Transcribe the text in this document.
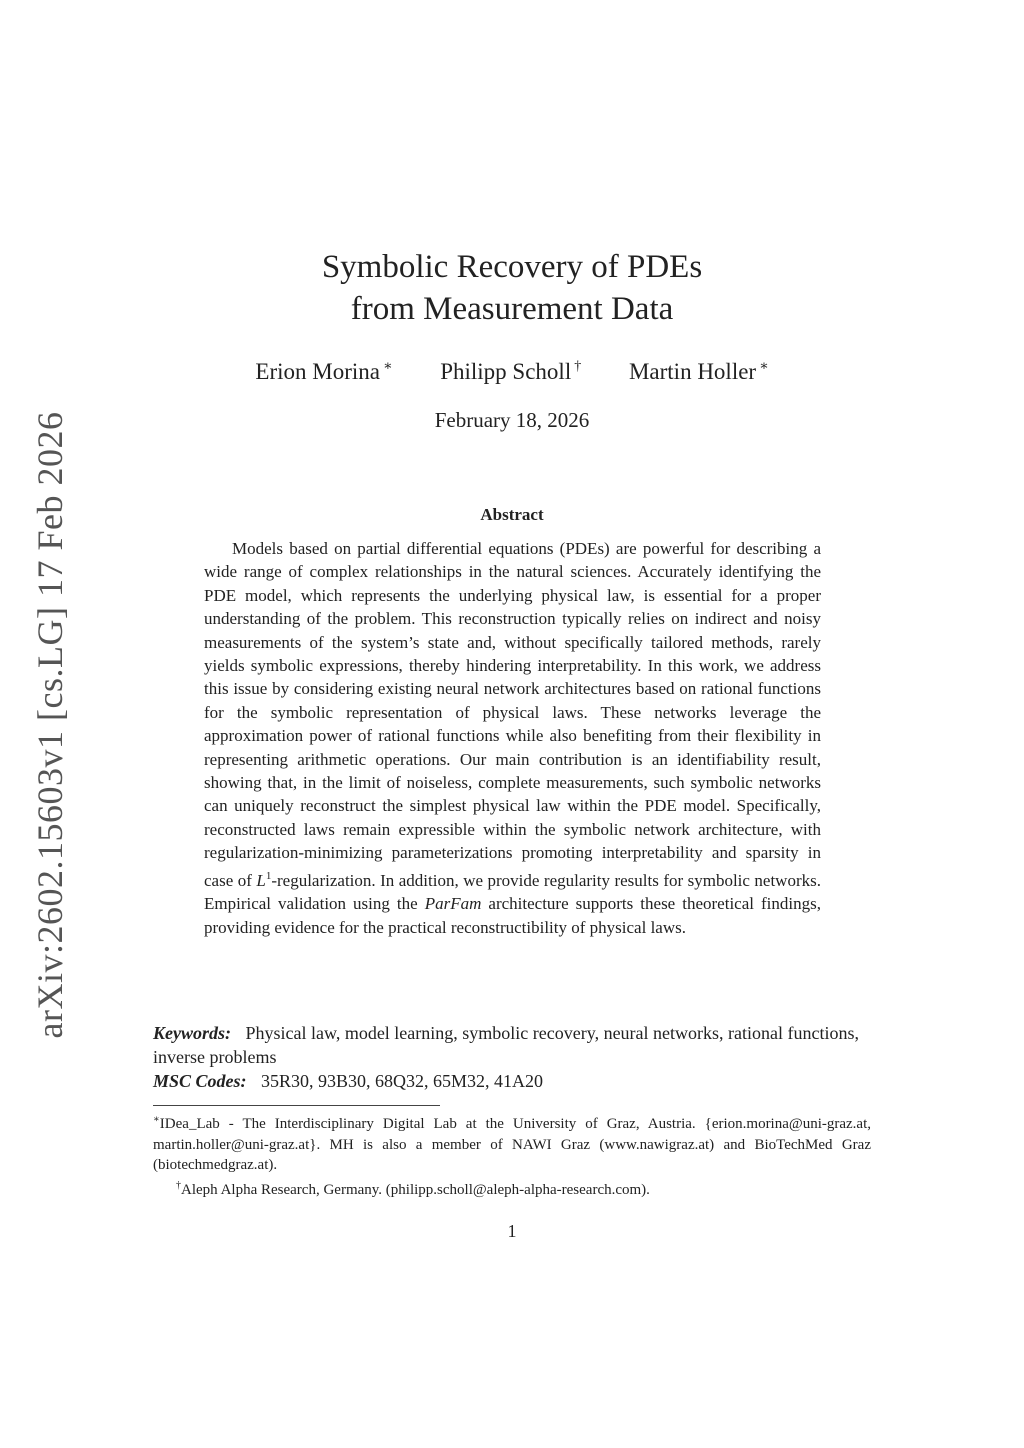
arXiv:2602.15603v1 [cs.LG] 17 Feb 2026
Symbolic Recovery of PDEs
from Measurement Data
Erion Morina ∗ Philipp Scholl † Martin Holler ∗
February 18, 2026
Abstract
Models based on partial differential equations (PDEs) are powerful for describing a wide range of complex relationships in the natural sciences. Accurately identifying the PDE model, which represents the underlying physical law, is essential for a proper understanding of the problem. This reconstruction typically relies on indirect and noisy measurements of the system’s state and, without specifically tailored methods, rarely yields symbolic expressions, thereby hindering interpretability. In this work, we address this issue by considering existing neural network architectures based on rational functions for the symbolic representation of physical laws. These networks leverage the approximation power of rational functions while also benefiting from their flexibility in representing arithmetic operations. Our main contribution is an identifiability result, showing that, in the limit of noiseless, complete measurements, such symbolic networks can uniquely reconstruct the simplest physical law within the PDE model. Specifically, reconstructed laws remain expressible within the symbolic network architecture, with regularization-minimizing parameterizations promoting interpretability and sparsity in case of $L^1$-regularization. In addition, we provide regularity results for symbolic networks. Empirical validation using the ParFam architecture supports these theoretical findings, providing evidence for the practical reconstructibility of physical laws.
Keywords: Physical law, model learning, symbolic recovery, neural networks, rational functions, inverse problems
MSC Codes: 35R30, 93B30, 68Q32, 65M32, 41A20

∗IDea_Lab - The Interdisciplinary Digital Lab at the University of Graz, Austria. {erion.morina@uni-graz.at, martin.holler@uni-graz.at}. MH is also a member of NAWI Graz (www.nawigraz.at) and BioTechMed Graz (biotechmedgraz.at).

†Aleph Alpha Research, Germany. (philipp.scholl@aleph-alpha-research.com).

1
